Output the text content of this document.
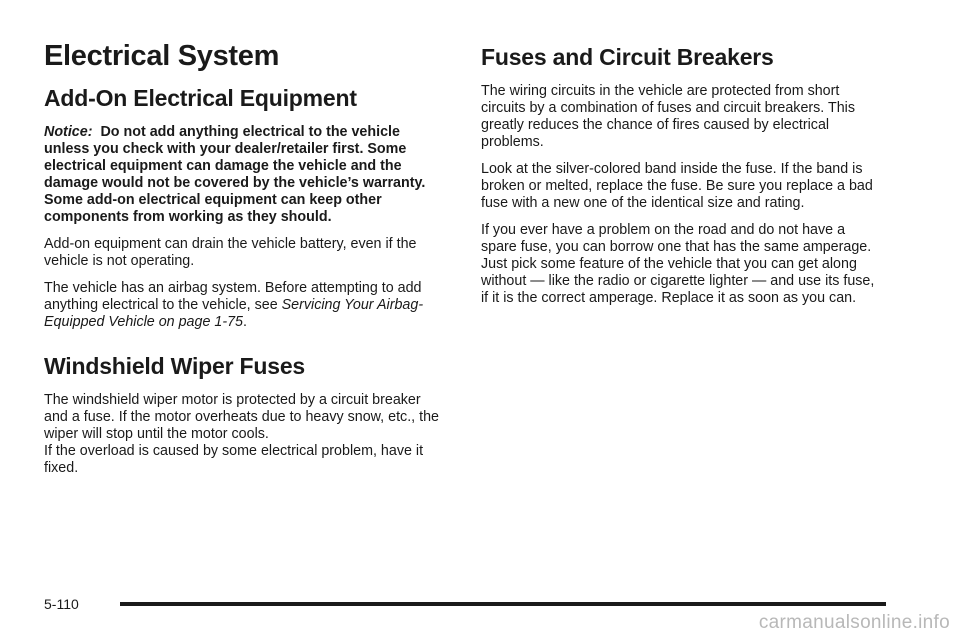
Electrical System
Add-On Electrical Equipment

Notice: Do not add anything electrical to the vehicle unless you check with your dealer/retailer first. Some electrical equipment can damage the vehicle and the damage would not be covered by the vehicle’s warranty. Some add-on electrical equipment can keep other components from working as they should.

Add-on equipment can drain the vehicle battery, even if the vehicle is not operating.

The vehicle has an airbag system. Before attempting to add anything electrical to the vehicle, see Servicing Your Airbag-Equipped Vehicle on page 1-75.

Windshield Wiper Fuses

The windshield wiper motor is protected by a circuit breaker and a fuse. If the motor overheats due to heavy snow, etc., the wiper will stop until the motor cools.
If the overload is caused by some electrical problem, have it fixed.

Fuses and Circuit Breakers

The wiring circuits in the vehicle are protected from short circuits by a combination of fuses and circuit breakers. This greatly reduces the chance of fires caused by electrical problems.

Look at the silver-colored band inside the fuse. If the band is broken or melted, replace the fuse. Be sure you replace a bad fuse with a new one of the identical size and rating.

If you ever have a problem on the road and do not have a spare fuse, you can borrow one that has the same amperage. Just pick some feature of the vehicle that you can get along without — like the radio or cigarette lighter — and use its fuse, if it is the correct amperage. Replace it as soon as you can.

5-110
carmanualsonline.info
